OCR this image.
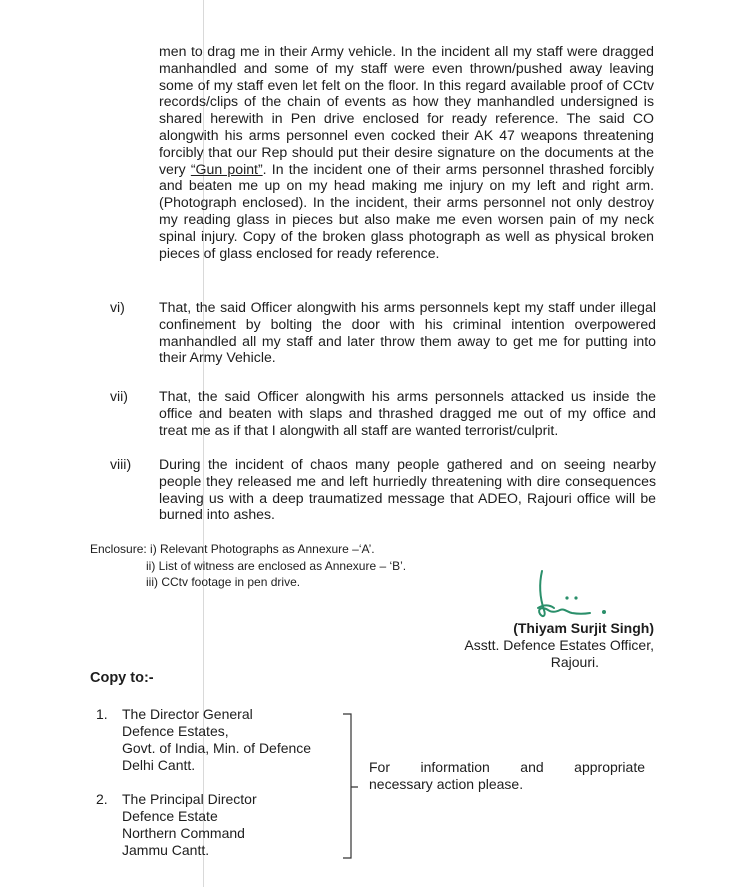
men to drag me in their Army vehicle. In the incident all my staff were dragged manhandled and some of my staff were even thrown/pushed away leaving some of my staff even let felt on the floor. In this regard available proof of CCtv records/clips of the chain of events as how they manhandled undersigned is shared herewith in Pen drive enclosed for ready reference. The said CO alongwith his arms personnel even cocked their AK 47 weapons threatening forcibly that our Rep should put their desire signature on the documents at the very “Gun point”. In the incident one of their arms personnel thrashed forcibly and beaten me up on my head making me injury on my left and right arm. (Photograph enclosed). In the incident, their arms personnel not only destroy my reading glass in pieces but also make me even worsen pain of my neck spinal injury. Copy of the broken glass photograph as well as physical broken pieces of glass enclosed for ready reference.
vi)	That, the said Officer alongwith his arms personnels kept my staff under illegal confinement by bolting the door with his criminal intention overpowered manhandled all my staff and later throw them away to get me for putting into their Army Vehicle.
vii)	That, the said Officer alongwith his arms personnels attacked us inside the office and beaten with slaps and thrashed dragged me out of my office and treat me as if that I alongwith all staff are wanted terrorist/culprit.
viii)	During the incident of chaos many people gathered and on seeing nearby people they released me and left hurriedly threatening with dire consequences leaving us with a deep traumatized message that ADEO, Rajouri office will be burned into ashes.
Enclosure: i) Relevant Photographs as Annexure –‘A’.
ii) List of witness are enclosed as Annexure – ‘B’.
iii) CCtv footage in pen drive.
(Thiyam Surjit Singh)
Asstt. Defence Estates Officer,
Rajouri.
Copy to:-
1. The Director General
Defence Estates,
Govt. of India, Min. of Defence
Delhi Cantt.
2. The Principal Director
Defence Estate
Northern Command
Jammu Cantt.
For information and appropriate
necessary action please.
